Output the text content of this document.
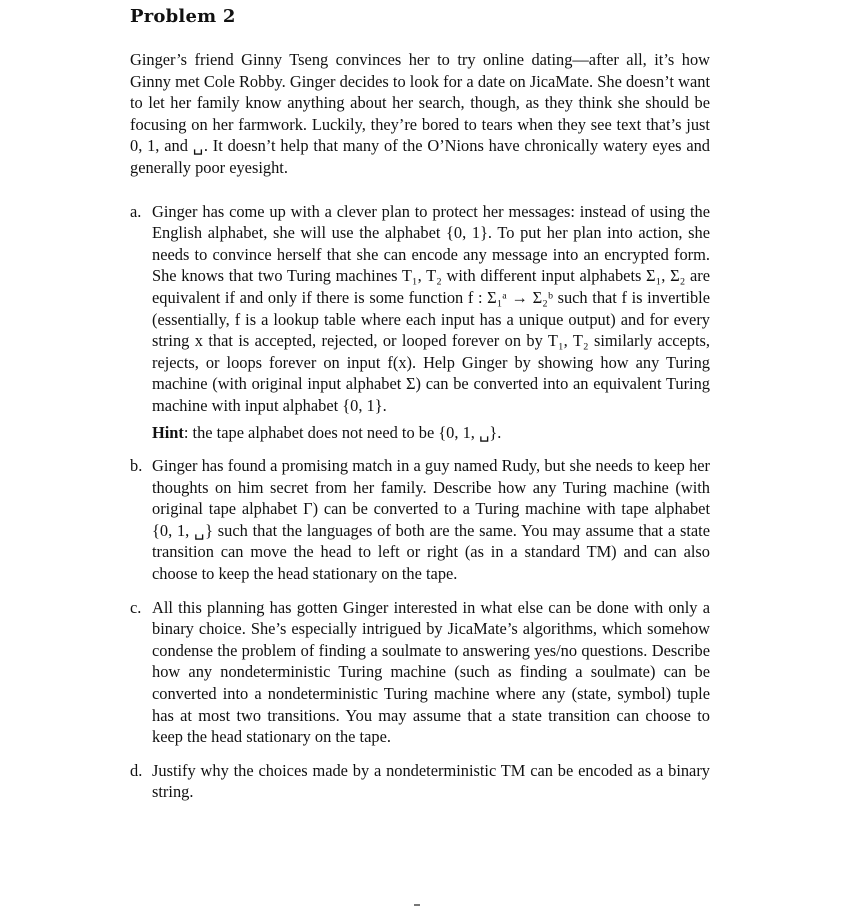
Problem 2

Ginger’s friend Ginny Tseng convinces her to try online dating—after all, it’s how Ginny met Cole Robby. Ginger decides to look for a date on JicaMate. She doesn’t want to let her family know anything about her search, though, as they think she should be focusing on her farmwork. Luckily, they’re bored to tears when they see text that’s just 0, 1, and ␣. It doesn’t help that many of the O’Nions have chronically watery eyes and generally poor eyesight.

a. Ginger has come up with a clever plan to protect her messages: instead of using the English alphabet, she will use the alphabet {0, 1}. To put her plan into action, she needs to convince herself that she can encode any message into an encrypted form. She knows that two Turing machines T₁, T₂ with different input alphabets Σ₁, Σ₂ are equivalent if and only if there is some function f : Σ₁ᵃ → Σ₂ᵇ such that f is invertible (essentially, f is a lookup table where each input has a unique output) and for every string x that is accepted, rejected, or looped forever on by T₁, T₂ similarly accepts, rejects, or loops forever on input f(x). Help Ginger by showing how any Turing machine (with original input alphabet Σ) can be converted into an equivalent Turing machine with input alphabet {0, 1}.
Hint: the tape alphabet does not need to be {0, 1, ␣}.
b. Ginger has found a promising match in a guy named Rudy, but she needs to keep her thoughts on him secret from her family. Describe how any Turing machine (with original tape alphabet Γ) can be converted to a Turing machine with tape alphabet {0, 1, ␣} such that the languages of both are the same. You may assume that a state transition can move the head to left or right (as in a standard TM) and can also choose to keep the head stationary on the tape.
c. All this planning has gotten Ginger interested in what else can be done with only a binary choice. She’s especially intrigued by JicaMate’s algorithms, which somehow condense the problem of finding a soulmate to answering yes/no questions. Describe how any nondeterministic Turing machine (such as finding a soulmate) can be converted into a nondeterministic Turing machine where any (state, symbol) tuple has at most two transitions. You may assume that a state transition can choose to keep the head stationary on the tape.
d. Justify why the choices made by a nondeterministic TM can be encoded as a binary string.
